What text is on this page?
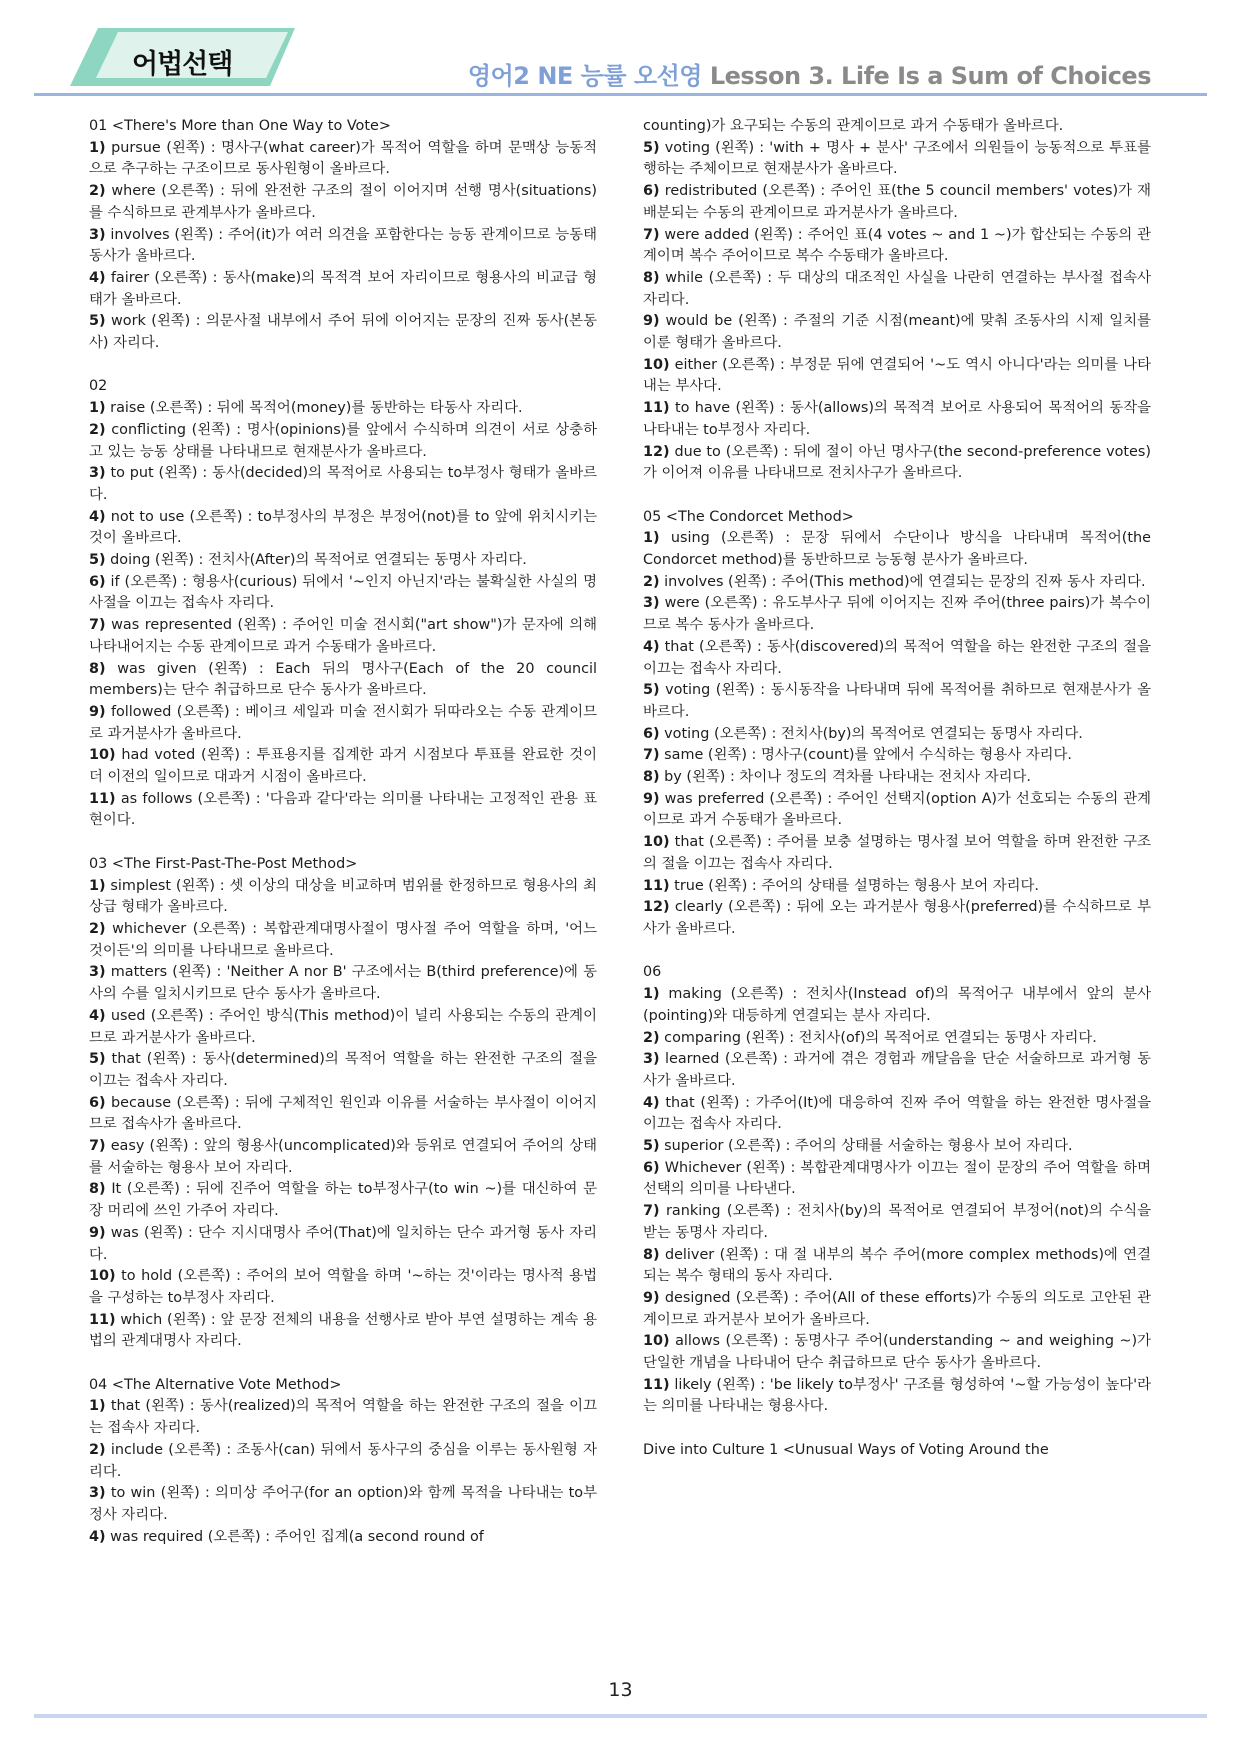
어법선택	영어2 NE 능률 오선영 Lesson 3. Life Is a Sum of Choices
01 <There's More than One Way to Vote>
1) pursue (왼쪽) : 명사구(what career)가 목적어 역할을 하며 문맥상 능동적으로 추구하는 구조이므로 동사원형이 올바르다.
2) where (오른쪽) : 뒤에 완전한 구조의 절이 이어지며 선행 명사(situations)를 수식하므로 관계부사가 올바르다.
3) involves (왼쪽) : 주어(it)가 여러 의견을 포함한다는 능동 관계이므로 능동태 동사가 올바르다.
4) fairer (오른쪽) : 동사(make)의 목적격 보어 자리이므로 형용사의 비교급 형태가 올바르다.
5) work (왼쪽) : 의문사절 내부에서 주어 뒤에 이어지는 문장의 진짜 동사(본동사) 자리다.
02
1) raise (오른쪽) : 뒤에 목적어(money)를 동반하는 타동사 자리다.
2) conflicting (왼쪽) : 명사(opinions)를 앞에서 수식하며 의견이 서로 상충하고 있는 능동 상태를 나타내므로 현재분사가 올바르다.
3) to put (왼쪽) : 동사(decided)의 목적어로 사용되는 to부정사 형태가 올바르다.
4) not to use (오른쪽) : to부정사의 부정은 부정어(not)를 to 앞에 위치시키는 것이 올바르다.
5) doing (왼쪽) : 전치사(After)의 목적어로 연결되는 동명사 자리다.
6) if (오른쪽) : 형용사(curious) 뒤에서 '~인지 아닌지'라는 불확실한 사실의 명사절을 이끄는 접속사 자리다.
7) was represented (왼쪽) : 주어인 미술 전시회("art show")가 문자에 의해 나타내어지는 수동 관계이므로 과거 수동태가 올바르다.
8) was given (왼쪽) : Each 뒤의 명사구(Each of the 20 council members)는 단수 취급하므로 단수 동사가 올바르다.
9) followed (오른쪽) : 베이크 세일과 미술 전시회가 뒤따라오는 수동 관계이므로 과거분사가 올바르다.
10) had voted (왼쪽) : 투표용지를 집계한 과거 시점보다 투표를 완료한 것이 더 이전의 일이므로 대과거 시점이 올바르다.
11) as follows (오른쪽) : '다음과 같다'라는 의미를 나타내는 고정적인 관용 표현이다.
03 <The First-Past-The-Post Method>
1) simplest (왼쪽) : 셋 이상의 대상을 비교하며 범위를 한정하므로 형용사의 최상급 형태가 올바르다.
2) whichever (오른쪽) : 복합관계대명사절이 명사절 주어 역할을 하며, '어느 것이든'의 의미를 나타내므로 올바르다.
3) matters (왼쪽) : 'Neither A nor B' 구조에서는 B(third preference)에 동사의 수를 일치시키므로 단수 동사가 올바르다.
4) used (오른쪽) : 주어인 방식(This method)이 널리 사용되는 수동의 관계이므로 과거분사가 올바르다.
5) that (왼쪽) : 동사(determined)의 목적어 역할을 하는 완전한 구조의 절을 이끄는 접속사 자리다.
6) because (오른쪽) : 뒤에 구체적인 원인과 이유를 서술하는 부사절이 이어지므로 접속사가 올바르다.
7) easy (왼쪽) : 앞의 형용사(uncomplicated)와 등위로 연결되어 주어의 상태를 서술하는 형용사 보어 자리다.
8) It (오른쪽) : 뒤에 진주어 역할을 하는 to부정사구(to win ~)를 대신하여 문장 머리에 쓰인 가주어 자리다.
9) was (왼쪽) : 단수 지시대명사 주어(That)에 일치하는 단수 과거형 동사 자리다.
10) to hold (오른쪽) : 주어의 보어 역할을 하며 '~하는 것'이라는 명사적 용법을 구성하는 to부정사 자리다.
11) which (왼쪽) : 앞 문장 전체의 내용을 선행사로 받아 부연 설명하는 계속 용법의 관계대명사 자리다.
04 <The Alternative Vote Method>
1) that (왼쪽) : 동사(realized)의 목적어 역할을 하는 완전한 구조의 절을 이끄는 접속사 자리다.
2) include (오른쪽) : 조동사(can) 뒤에서 동사구의 중심을 이루는 동사원형 자리다.
3) to win (왼쪽) : 의미상 주어구(for an option)와 함께 목적을 나타내는 to부정사 자리다.
4) was required (오른쪽) : 주어인 집계(a second round of
counting)가 요구되는 수동의 관계이므로 과거 수동태가 올바르다.
5) voting (왼쪽) : 'with + 명사 + 분사' 구조에서 의원들이 능동적으로 투표를 행하는 주체이므로 현재분사가 올바르다.
6) redistributed (오른쪽) : 주어인 표(the 5 council members' votes)가 재배분되는 수동의 관계이므로 과거분사가 올바르다.
7) were added (왼쪽) : 주어인 표(4 votes ~ and 1 ~)가 합산되는 수동의 관계이며 복수 주어이므로 복수 수동태가 올바르다.
8) while (오른쪽) : 두 대상의 대조적인 사실을 나란히 연결하는 부사절 접속사 자리다.
9) would be (왼쪽) : 주절의 기준 시점(meant)에 맞춰 조동사의 시제 일치를 이룬 형태가 올바르다.
10) either (오른쪽) : 부정문 뒤에 연결되어 '~도 역시 아니다'라는 의미를 나타내는 부사다.
11) to have (왼쪽) : 동사(allows)의 목적격 보어로 사용되어 목적어의 동작을 나타내는 to부정사 자리다.
12) due to (오른쪽) : 뒤에 절이 아닌 명사구(the second-preference votes)가 이어져 이유를 나타내므로 전치사구가 올바르다.
05 <The Condorcet Method>
1) using (오른쪽) : 문장 뒤에서 수단이나 방식을 나타내며 목적어(the Condorcet method)를 동반하므로 능동형 분사가 올바르다.
2) involves (왼쪽) : 주어(This method)에 연결되는 문장의 진짜 동사 자리다.
3) were (오른쪽) : 유도부사구 뒤에 이어지는 진짜 주어(three pairs)가 복수이므로 복수 동사가 올바르다.
4) that (오른쪽) : 동사(discovered)의 목적어 역할을 하는 완전한 구조의 절을 이끄는 접속사 자리다.
5) voting (왼쪽) : 동시동작을 나타내며 뒤에 목적어를 취하므로 현재분사가 올바르다.
6) voting (오른쪽) : 전치사(by)의 목적어로 연결되는 동명사 자리다.
7) same (왼쪽) : 명사구(count)를 앞에서 수식하는 형용사 자리다.
8) by (왼쪽) : 차이나 정도의 격차를 나타내는 전치사 자리다.
9) was preferred (오른쪽) : 주어인 선택지(option A)가 선호되는 수동의 관계이므로 과거 수동태가 올바르다.
10) that (오른쪽) : 주어를 보충 설명하는 명사절 보어 역할을 하며 완전한 구조의 절을 이끄는 접속사 자리다.
11) true (왼쪽) : 주어의 상태를 설명하는 형용사 보어 자리다.
12) clearly (오른쪽) : 뒤에 오는 과거분사 형용사(preferred)를 수식하므로 부사가 올바르다.
06
1) making (오른쪽) : 전치사(Instead of)의 목적어구 내부에서 앞의 분사(pointing)와 대등하게 연결되는 분사 자리다.
2) comparing (왼쪽) : 전치사(of)의 목적어로 연결되는 동명사 자리다.
3) learned (오른쪽) : 과거에 겪은 경험과 깨달음을 단순 서술하므로 과거형 동사가 올바르다.
4) that (왼쪽) : 가주어(It)에 대응하여 진짜 주어 역할을 하는 완전한 명사절을 이끄는 접속사 자리다.
5) superior (오른쪽) : 주어의 상태를 서술하는 형용사 보어 자리다.
6) Whichever (왼쪽) : 복합관계대명사가 이끄는 절이 문장의 주어 역할을 하며 선택의 의미를 나타낸다.
7) ranking (오른쪽) : 전치사(by)의 목적어로 연결되어 부정어(not)의 수식을 받는 동명사 자리다.
8) deliver (왼쪽) : 대 절 내부의 복수 주어(more complex methods)에 연결되는 복수 형태의 동사 자리다.
9) designed (오른쪽) : 주어(All of these efforts)가 수동의 의도로 고안된 관계이므로 과거분사 보어가 올바르다.
10) allows (오른쪽) : 동명사구 주어(understanding ~ and weighing ~)가 단일한 개념을 나타내어 단수 취급하므로 단수 동사가 올바르다.
11) likely (왼쪽) : 'be likely to부정사' 구조를 형성하여 '~할 가능성이 높다'라는 의미를 나타내는 형용사다.
Dive into Culture 1 <Unusual Ways of Voting Around the
13
